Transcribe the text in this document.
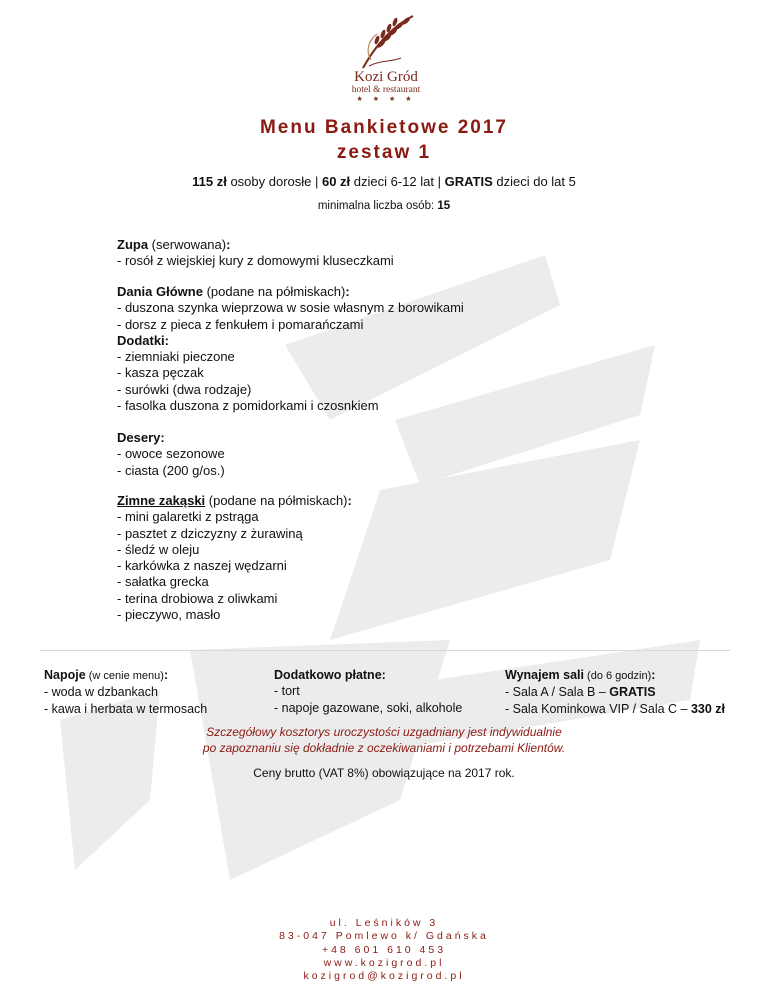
Kozi Gród
hotel & restaurant
★ ★ ★ ★
Menu Bankietowe 2017
zestaw 1
115 zł osoby dorosłe | 60 zł dzieci 6-12 lat | GRATIS dzieci do lat 5
minimalna liczba osób: 15
Zupa (serwowana):
- rosół z wiejskiej kury z domowymi kluseczkami
Dania Główne (podane na półmiskach):
- duszona szynka wieprzowa w sosie własnym z borowikami
- dorsz z pieca z fenkułem i pomarańczami
Dodatki:
- ziemniaki pieczone
- kasza pęczak
- surówki (dwa rodzaje)
- fasolka duszona z pomidorkami i czosnkiem
Desery:
- owoce sezonowe
- ciasta (200 g/os.)
Zimne zakąski (podane na półmiskach):
- mini galaretki z pstrąga
- pasztet z dziczyzny z żurawiną
- śledź w oleju
- karkówka z naszej wędzarni
- sałatka grecka
- terina drobiowa z oliwkami
- pieczywo, masło
Napoje (w cenie menu):
- woda w dzbankach
- kawa i herbata w termosach
Dodatkowo płatne:
- tort
- napoje gazowane, soki, alkohole
Wynajem sali (do 6 godzin):
- Sala A / Sala B – GRATIS
- Sala Kominkowa VIP / Sala C – 330 zł
Szczegółowy kosztorys uroczystości uzgadniany jest indywidualnie
po zapoznaniu się dokładnie z oczekiwaniami i potrzebami Klientów.
Ceny brutto (VAT 8%) obowiązujące na 2017 rok.
ul. Leśników 3
83-047 Pomlewo k/ Gdańska
+48 601 610 453
www.kozigrod.pl
kozigrod@kozigrod.pl
